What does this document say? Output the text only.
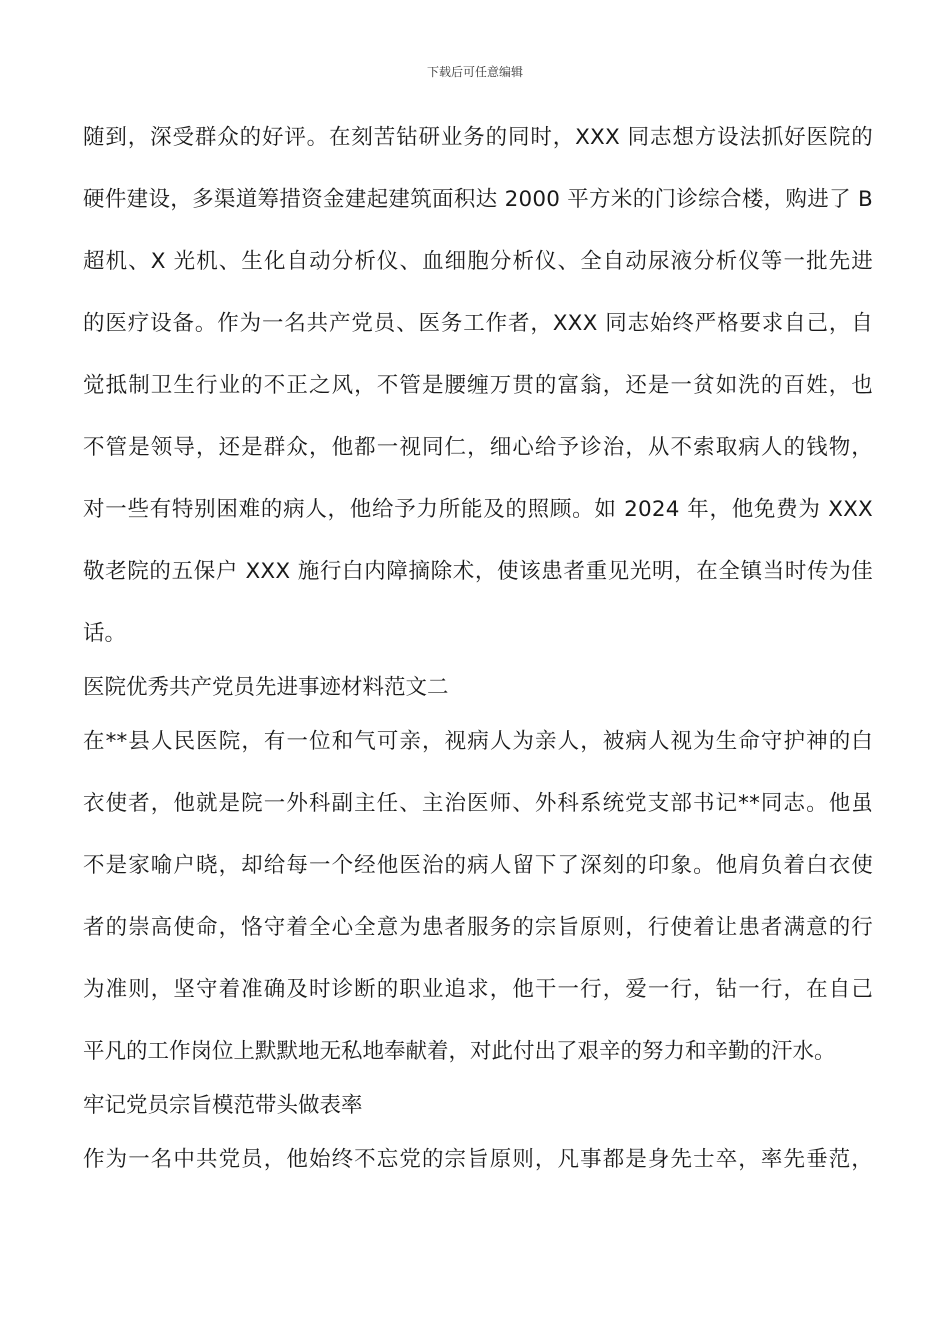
下载后可任意编辑
随到，深受群众的好评。在刻苦钻研业务的同时，XXX 同志想方设法抓好医院的
硬件建设，多渠道筹措资金建起建筑面积达 2000 平方米的门诊综合楼，购进了 B
超机、X 光机、生化自动分析仪、血细胞分析仪、全自动尿液分析仪等一批先进
的医疗设备。作为一名共产党员、医务工作者，XXX 同志始终严格要求自己，自
觉抵制卫生行业的不正之风，不管是腰缠万贯的富翁，还是一贫如洗的百姓，也
不管是领导，还是群众，他都一视同仁，细心给予诊治，从不索取病人的钱物，
对一些有特别困难的病人，他给予力所能及的照顾。如 2024 年，他免费为 XXX
敬老院的五保户 XXX 施行白内障摘除术，使该患者重见光明，在全镇当时传为佳
话。
医院优秀共产党员先进事迹材料范文二
在**县人民医院，有一位和气可亲，视病人为亲人，被病人视为生命守护神的白
衣使者，他就是院一外科副主任、主治医师、外科系统党支部书记**同志。他虽
不是家喻户晓，却给每一个经他医治的病人留下了深刻的印象。他肩负着白衣使
者的崇高使命，恪守着全心全意为患者服务的宗旨原则，行使着让患者满意的行
为准则，坚守着准确及时诊断的职业追求，他干一行，爱一行，钻一行，在自己
平凡的工作岗位上默默地无私地奉献着，对此付出了艰辛的努力和辛勤的汗水。
牢记党员宗旨模范带头做表率
作为一名中共党员，他始终不忘党的宗旨原则，凡事都是身先士卒，率先垂范，
